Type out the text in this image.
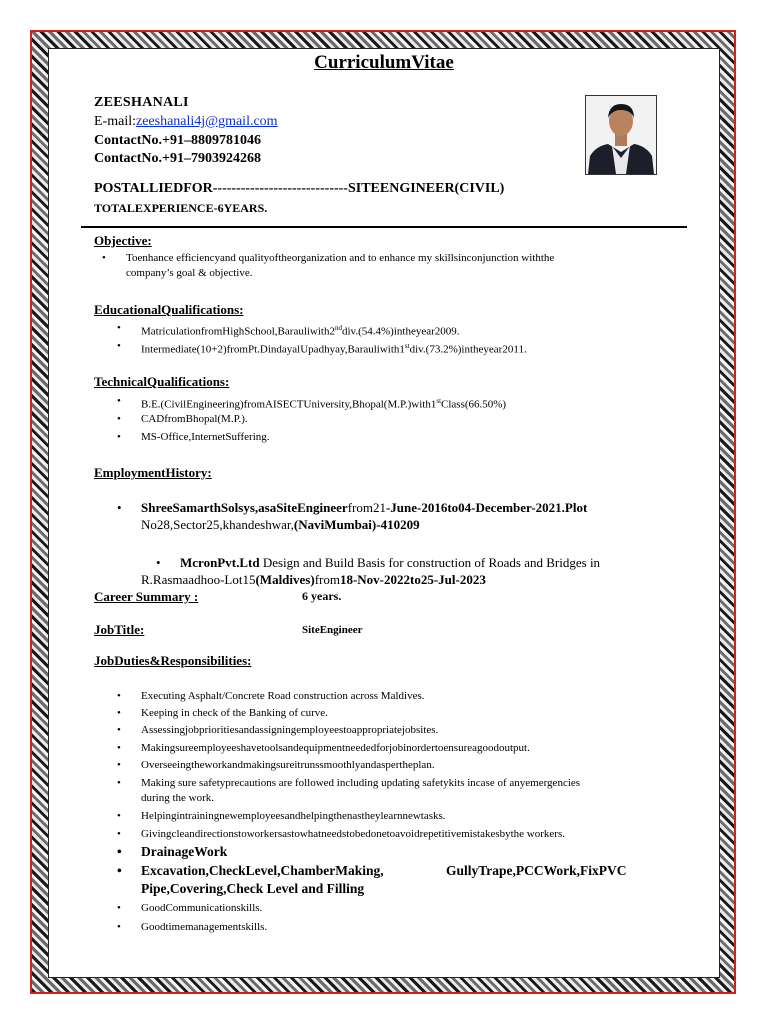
CurriculumVitae
ZEESHANALI
E-mail:zeeshanali4j@gmail.com
ContactNo.+91–8809781046
ContactNo.+91–7903924268
POSTALLIEDFOR-----------------------------SITEENGINEER(CIVIL)
TOTALEXPERIENCE-6YEARS.
Objective:
• Toenhance efficiencyand qualityoftheorganization and to enhance my skillsinconjunction withthe
company’s goal & objective.
EducationalQualifications:
• MatriculationfromHighSchool,Barauliwith2nddiv.(54.4%)intheyear2009.
• Intermediate(10+2)fromPt.DindayalUpadhyay,Barauliwith1stdiv.(73.2%)intheyear2011.
TechnicalQualifications:
• B.E.(CivilEngineering)fromAISECTUniversity,Bhopal(M.P.)with1stClass(66.50%)
• CADfromBhopal(M.P.).
• MS-Office,InternetSuffering.
EmploymentHistory:
• ShreeSamarthSolsys,asaSiteEngineerfrom21-June-2016to04-December-2021.Plot
No28,Sector25,khandeshwar,(NaviMumbai)-410209
• McronPvt.Ltd Design and Build Basis for construction of Roads and Bridges in
R.Rasmaadhoo-Lot15(Maldives)from18-Nov-2022to25-Jul-2023
Career Summary :	6 years.
JobTitle:	SiteEngineer
JobDuties&Responsibilities:
• Executing Asphalt/Concrete Road construction across Maldives.
• Keeping in check of the Banking of curve.
• Assessingjobprioritiesandassigningemployeestoappropriatejobsites.
• Makingsureemployeeshavetoolsandequipmentneededforjobinordertoensureagoodoutput.
• Overseeingtheworkandmakingsureitrunssmoothlyandaspertheplan.
• Making sure safetyprecautions are followed including updating safetykits incase of anyemergencies
during the work.
• Helpingintrainingnewemployeesandhelpingthenastheylearnnewtasks.
• Givingcleandirectionstoworkersastowhatneedstobedonetoavoidrepetitivemistakesbythe workers.
• DrainageWork
• Excavation,CheckLevel,ChamberMaking,	GullyTrape,PCCWork,FixPVC
Pipe,Covering,Check Level and Filling
• GoodCommunicationskills.
• Goodtimemanagementskills.
